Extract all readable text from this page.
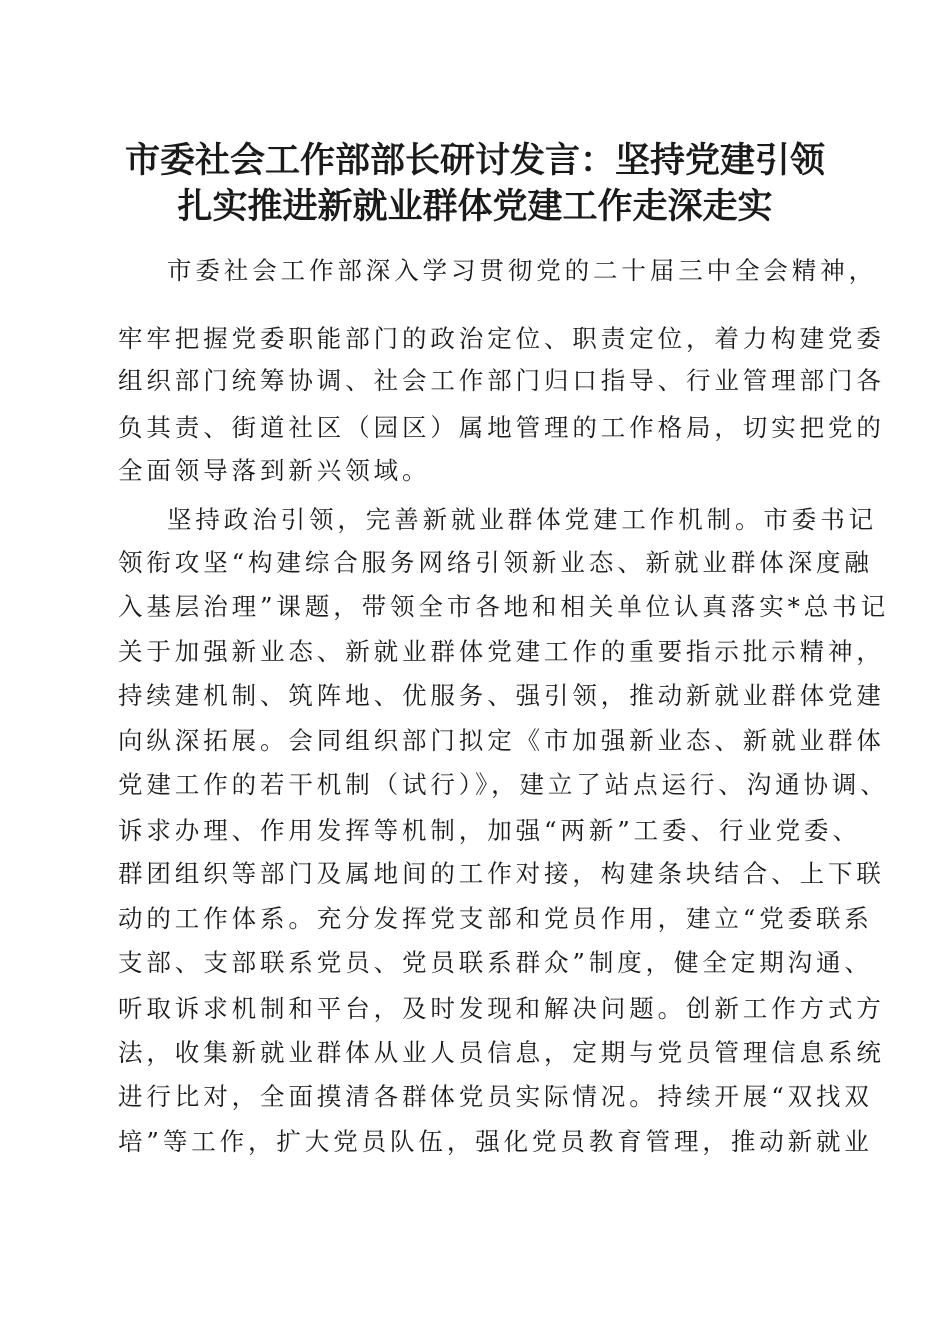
市委社会工作部部长研讨发言：坚持党建引领
扎实推进新就业群体党建工作走深走实
市委社会工作部深入学习贯彻党的二十届三中全会精神，
牢牢把握党委职能部门的政治定位、职责定位，着力构建党委
组织部门统筹协调、社会工作部门归口指导、行业管理部门各
负其责、街道社区（园区）属地管理的工作格局，切实把党的
全面领导落到新兴领域。
坚持政治引领，完善新就业群体党建工作机制。市委书记
领衔攻坚“构建综合服务网络引领新业态、新就业群体深度融
入基层治理”课题，带领全市各地和相关单位认真落实*总书记
关于加强新业态、新就业群体党建工作的重要指示批示精神，
持续建机制、筑阵地、优服务、强引领，推动新就业群体党建
向纵深拓展。会同组织部门拟定《市加强新业态、新就业群体
党建工作的若干机制（试行）》，建立了站点运行、沟通协调、
诉求办理、作用发挥等机制，加强“两新”工委、行业党委、
群团组织等部门及属地间的工作对接，构建条块结合、上下联
动的工作体系。充分发挥党支部和党员作用，建立“党委联系
支部、支部联系党员、党员联系群众”制度，健全定期沟通、
听取诉求机制和平台，及时发现和解决问题。创新工作方式方
法，收集新就业群体从业人员信息，定期与党员管理信息系统
进行比对，全面摸清各群体党员实际情况。持续开展“双找双
培”等工作，扩大党员队伍，强化党员教育管理，推动新就业
